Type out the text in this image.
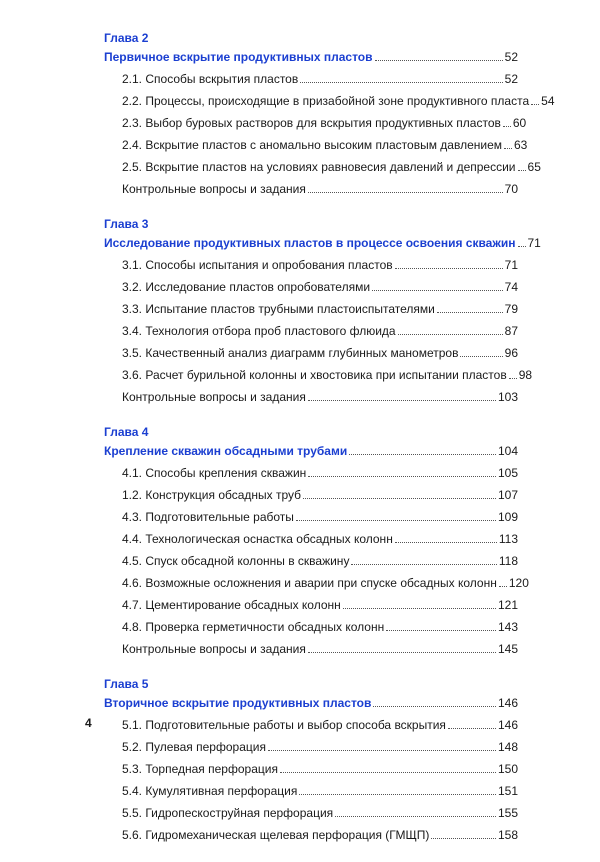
Глава 2
Первичное вскрытие продуктивных пластов	52
2.1. Способы вскрытия пластов	52
2.2. Процессы, происходящие в призабойной зоне продуктивного пласта 54
2.3. Выбор буровых растворов для вскрытия продуктивных пластов 60
2.4. Вскрытие пластов с аномально высоким пластовым давлением 63
2.5. Вскрытие пластов на условиях равновесия давлений и депрессии 65
Контрольные вопросы и задания	70
Глава 3
Исследование продуктивных пластов в процессе освоения скважин 71
3.1. Способы испытания и опробования пластов	71
3.2. Исследование пластов опробователями	74
3.3. Испытание пластов трубными пластоиспытателями	79
3.4. Технология отбора проб пластового флюида	87
3.5. Качественный анализ диаграмм глубинных манометров	96
3.6. Расчет бурильной колонны и хвостовика при испытании пластов 98
Контрольные вопросы и задания	103
Глава 4
Крепление скважин обсадными трубами	104
4.1. Способы крепления скважин	105
1.2. Конструкция обсадных труб	107
4.3. Подготовительные работы	109
4.4. Технологическая оснастка обсадных колонн	113
4.5. Спуск обсадной колонны в скважину	118
4.6. Возможные осложнения и аварии при спуске обсадных колонн 120
4.7. Цементирование обсадных колонн	121
4.8. Проверка герметичности обсадных колонн	143
Контрольные вопросы и задания	145
Глава 5
Вторичное вскрытие продуктивных пластов	146
5.1. Подготовительные работы и выбор способа вскрытия	146
5.2. Пулевая перфорация	148
5.3. Торпедная перфорация	150
5.4. Кумулятивная перфорация	151
5.5. Гидропескоструйная перфорация	155
5.6. Гидромеханическая щелевая перфорация (ГМЩП)	158
4
